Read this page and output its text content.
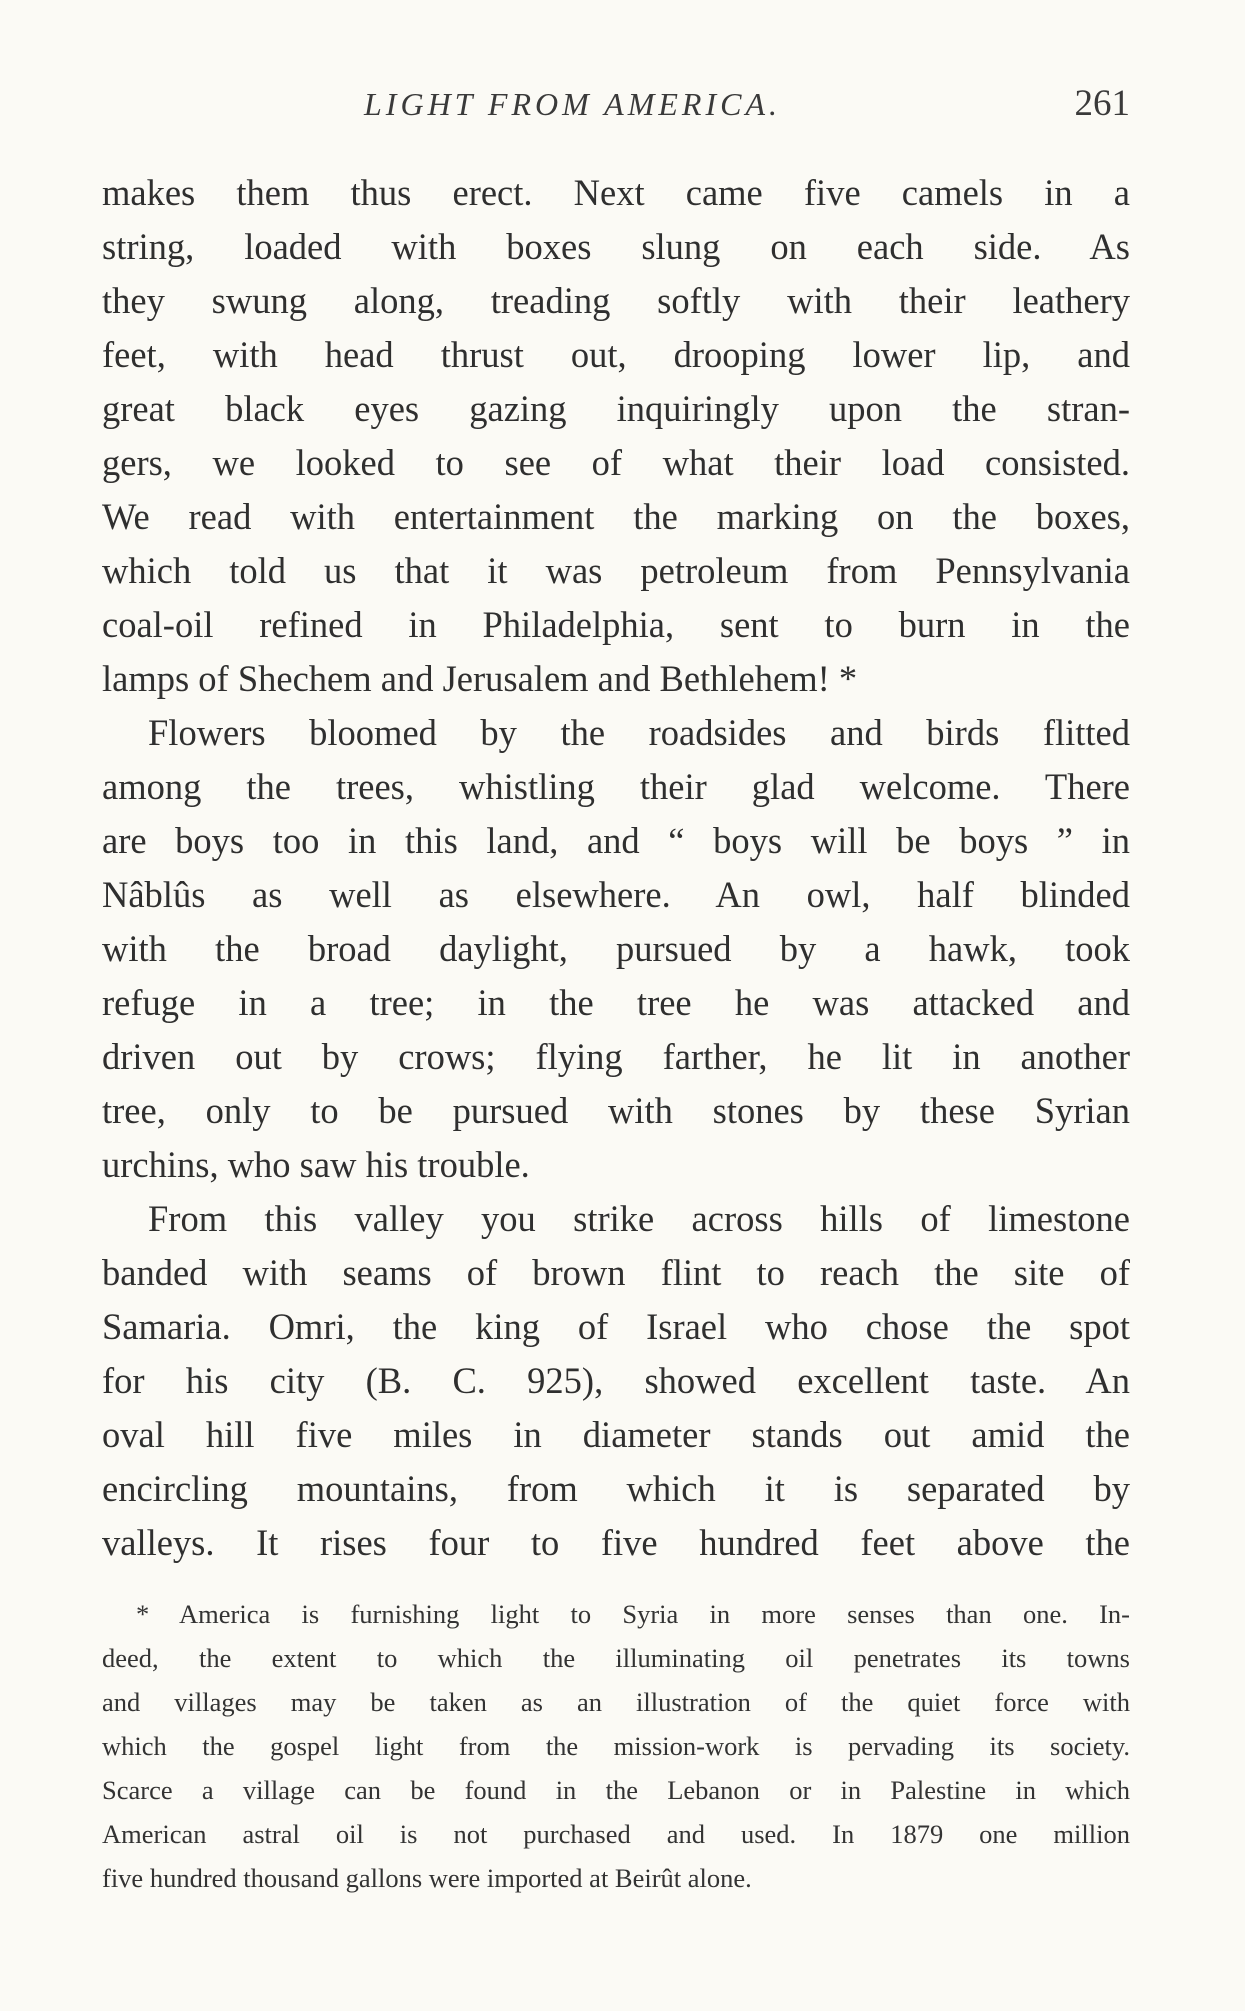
LIGHT FROM AMERICA.	261
makes them thus erect. Next came five camels in a
string, loaded with boxes slung on each side. As
they swung along, treading softly with their leathery
feet, with head thrust out, drooping lower lip, and
great black eyes gazing inquiringly upon the stran-
gers, we looked to see of what their load consisted.
We read with entertainment the marking on the boxes,
which told us that it was petroleum from Pennsylvania
coal-oil refined in Philadelphia, sent to burn in the
lamps of Shechem and Jerusalem and Bethlehem! *
Flowers bloomed by the roadsides and birds flitted
among the trees, whistling their glad welcome. There
are boys too in this land, and “ boys will be boys ” in
Nâblûs as well as elsewhere. An owl, half blinded
with the broad daylight, pursued by a hawk, took
refuge in a tree; in the tree he was attacked and
driven out by crows; flying farther, he lit in another
tree, only to be pursued with stones by these Syrian
urchins, who saw his trouble.
From this valley you strike across hills of limestone
banded with seams of brown flint to reach the site of
Samaria. Omri, the king of Israel who chose the spot
for his city (B. C. 925), showed excellent taste. An
oval hill five miles in diameter stands out amid the
encircling mountains, from which it is separated by
valleys. It rises four to five hundred feet above the
* America is furnishing light to Syria in more senses than one. In-
deed, the extent to which the illuminating oil penetrates its towns
and villages may be taken as an illustration of the quiet force with
which the gospel light from the mission-work is pervading its society.
Scarce a village can be found in the Lebanon or in Palestine in which
American astral oil is not purchased and used. In 1879 one million
five hundred thousand gallons were imported at Beirût alone.
